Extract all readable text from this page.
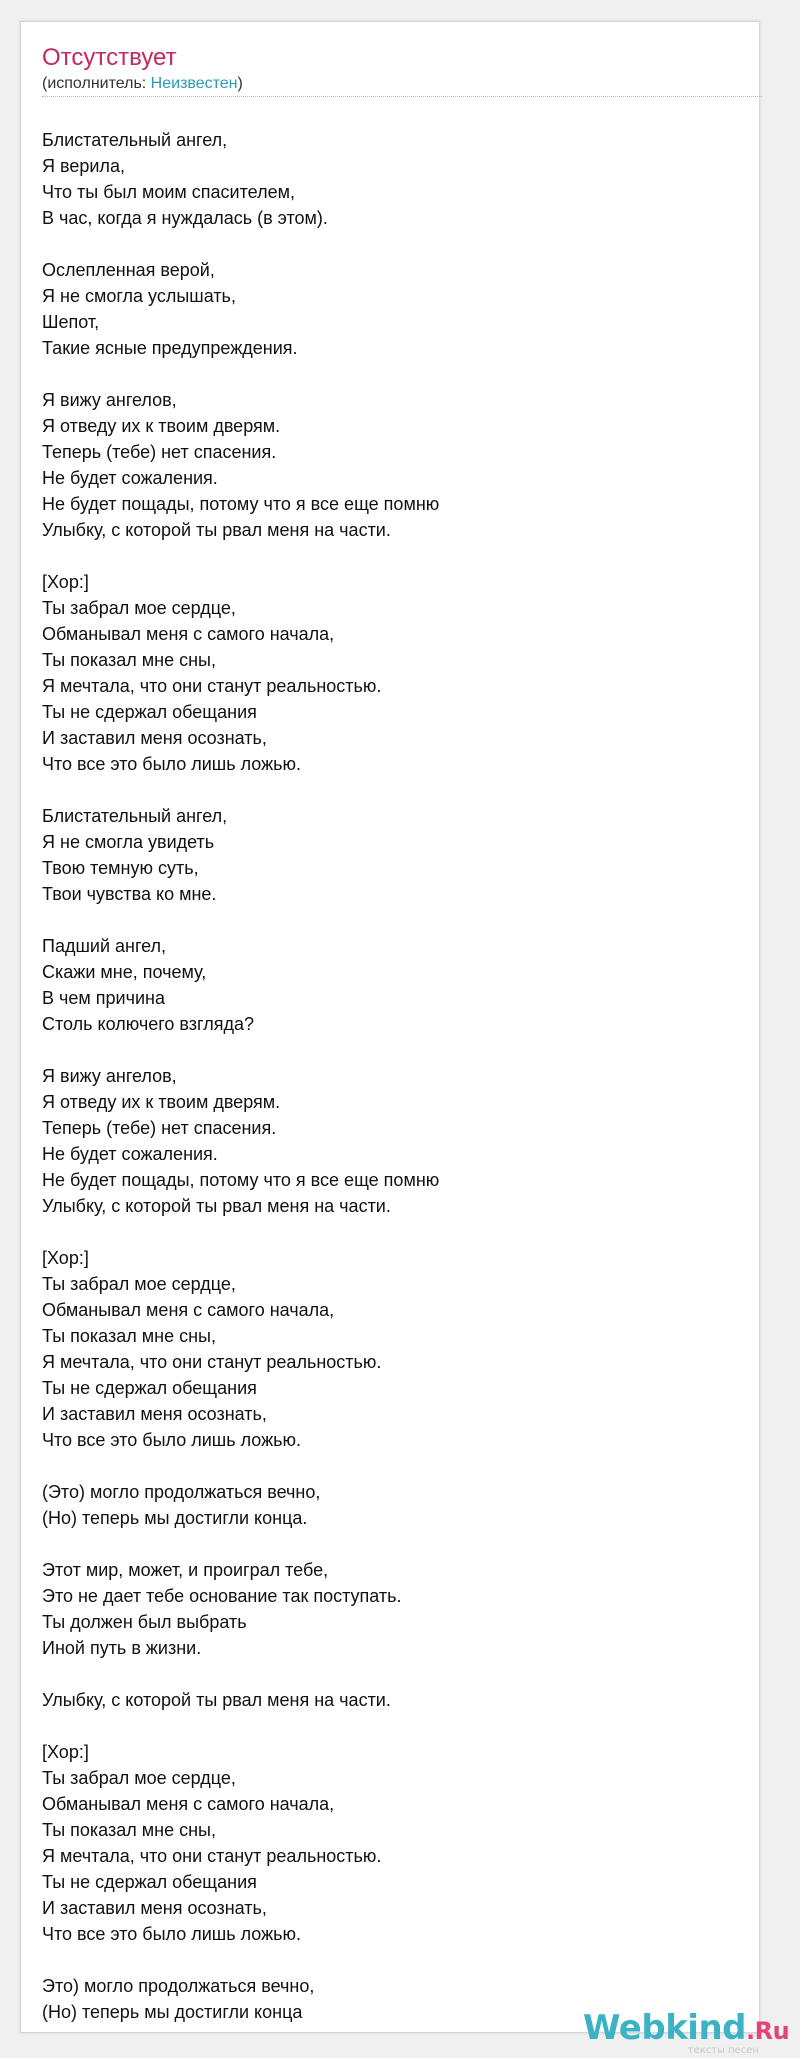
Отсутствует
(исполнитель: Неизвестен)
Блистательный ангел,
Я верила,
Что ты был моим спасителем,
В час, когда я нуждалась (в этом).
Ослепленная верой,
Я не смогла услышать,
Шепот,
Такие ясные предупреждения.
Я вижу ангелов,
Я отведу их к твоим дверям.
Теперь (тебе) нет спасения.
Не будет сожаления.
Не будет пощады, потому что я все еще помню
Улыбку, с которой ты рвал меня на части.
[Хор:]
Ты забрал мое сердце,
Обманывал меня с самого начала,
Ты показал мне сны,
Я мечтала, что они станут реальностью.
Ты не сдержал обещания
И заставил меня осознать,
Что все это было лишь ложью.
Блистательный ангел,
Я не смогла увидеть
Твою темную суть,
Твои чувства ко мне.
Падший ангел,
Скажи мне, почему,
В чем причина
Столь колючего взгляда?
Я вижу ангелов,
Я отведу их к твоим дверям.
Теперь (тебе) нет спасения.
Не будет сожаления.
Не будет пощады, потому что я все еще помню
Улыбку, с которой ты рвал меня на части.
[Хор:]
Ты забрал мое сердце,
Обманывал меня с самого начала,
Ты показал мне сны,
Я мечтала, что они станут реальностью.
Ты не сдержал обещания
И заставил меня осознать,
Что все это было лишь ложью.
(Это) могло продолжаться вечно,
(Но) теперь мы достигли конца.
Этот мир, может, и проиграл тебе,
Это не дает тебе основание так поступать.
Ты должен был выбрать
Иной путь в жизни.
Улыбку, с которой ты рвал меня на части.
[Хор:]
Ты забрал мое сердце,
Обманывал меня с самого начала,
Ты показал мне сны,
Я мечтала, что они станут реальностью.
Ты не сдержал обещания
И заставил меня осознать,
Что все это было лишь ложью.
Это) могло продолжаться вечно,
(Но) теперь мы достигли конца	Webkind.Ru
тексты песен
